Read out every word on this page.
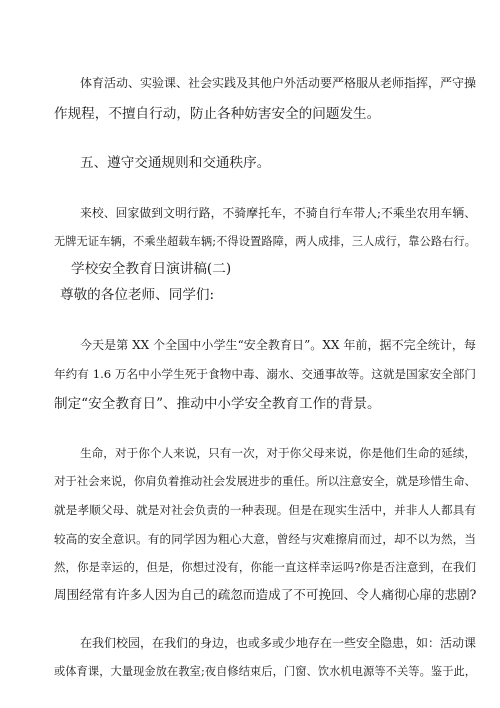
体育活动、实验课、社会实践及其他户外活动要严格服从老师指挥，严守操

作规程，不擅自行动，防止各种妨害安全的问题发生。

五、遵守交通规则和交通秩序。

来校、回家做到文明行路，不骑摩托车，不骑自行车带人;不乘坐农用车辆、

无牌无证车辆，不乘坐超载车辆;不得设置路障，两人成排，三人成行，靠公路右行。

学校安全教育日演讲稿(二)

尊敬的各位老师、同学们:

今天是第 XX 个全国中小学生“安全教育日”。XX 年前，据不完全统计，每

年约有 1.6 万名中小学生死于食物中毒、溺水、交通事故等。这就是国家安全部门

制定“安全教育日”、推动中小学安全教育工作的背景。

生命，对于你个人来说，只有一次，对于你父母来说，你是他们生命的延续，

对于社会来说，你肩负着推动社会发展进步的重任。所以注意安全，就是珍惜生命、

就是孝顺父母、就是对社会负责的一种表现。但是在现实生活中，并非人人都具有

较高的安全意识。有的同学因为粗心大意，曾经与灾难擦肩而过，却不以为然，当

然，你是幸运的，但是，你想过没有，你能一直这样幸运吗?你是否注意到，在我们

周围经常有许多人因为自己的疏忽而造成了不可挽回、令人痛彻心扉的悲剧?

在我们校园，在我们的身边，也或多或少地存在一些安全隐患，如：活动课

或体育课，大量现金放在教室;夜自修结束后，门窗、饮水机电源等不关等。鉴于此，
